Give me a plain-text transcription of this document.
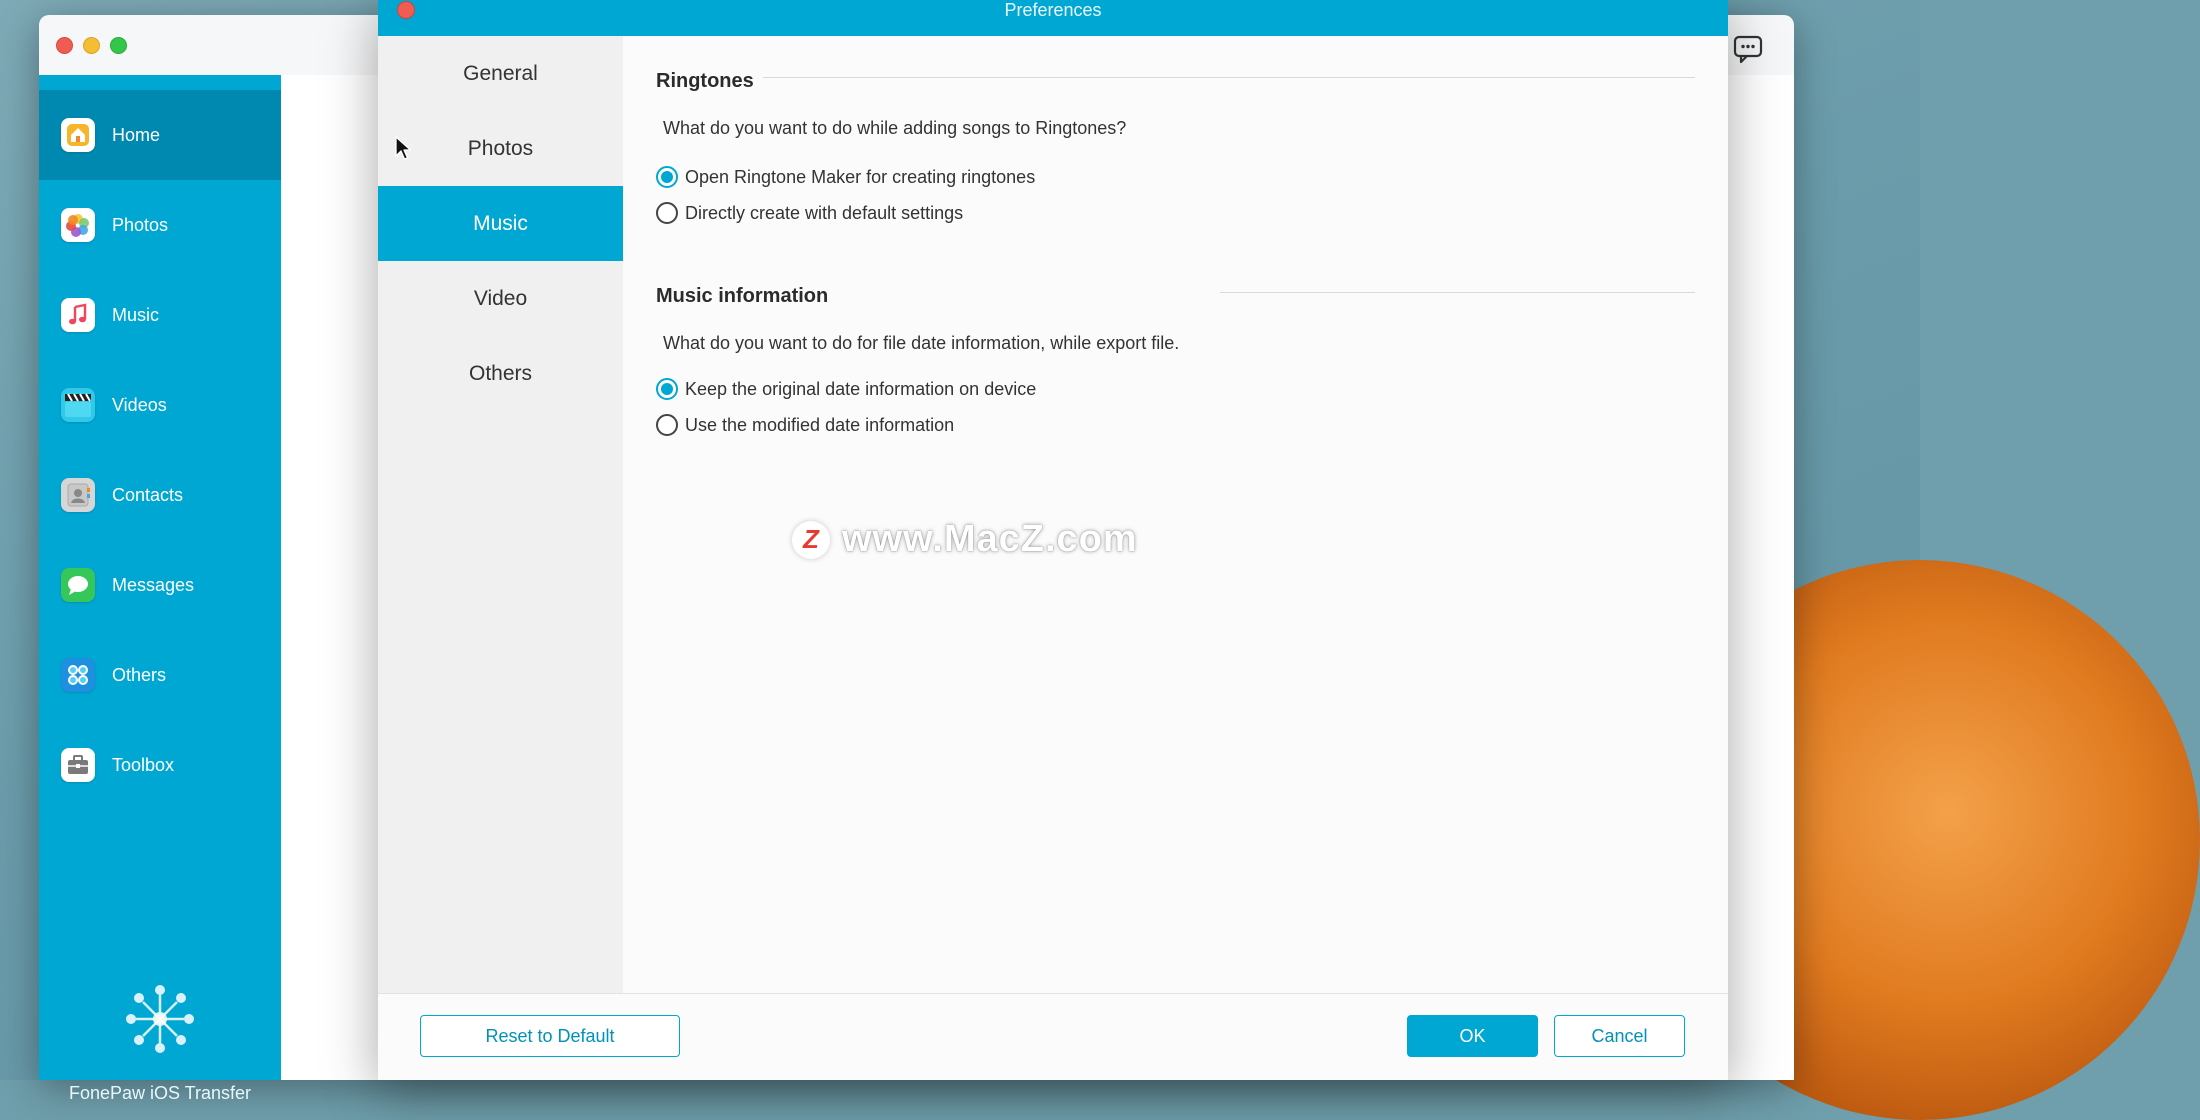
Home
Photos
Music
Videos
Contacts
Messages
Others
Toolbox
FonePaw iOS Transfer
Preferences
General
Photos
Music
Video
Others
Ringtones
What do you want to do while adding songs to Ringtones?
Open Ringtone Maker for creating ringtones
Directly create with default settings
Music information
What do you want to do for file date information, while export file.
Keep the original date information on device
Use the modified date information
Reset to Default	OK	Cancel
Z www.MacZ.com
